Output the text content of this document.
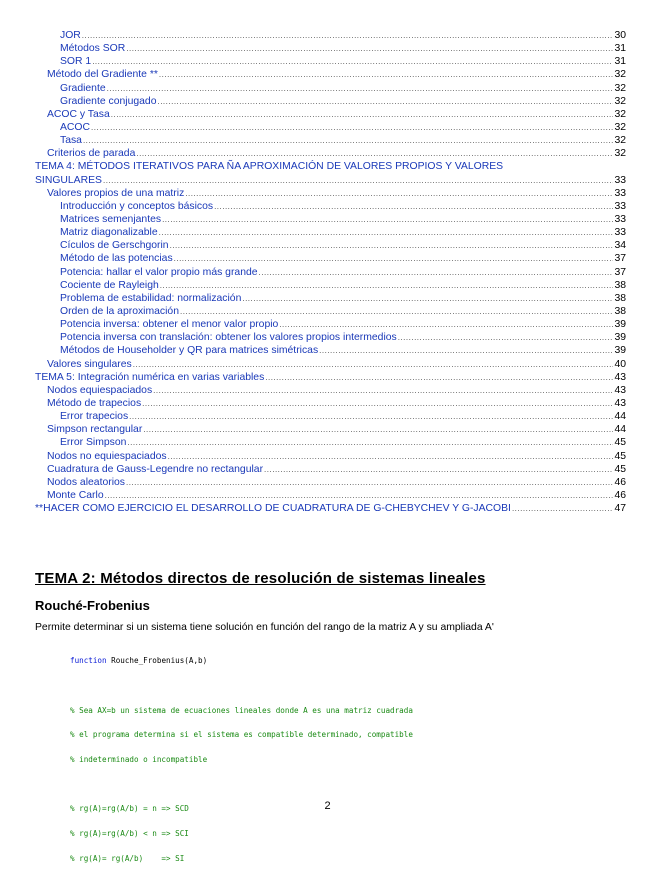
JOR .....	30
Métodos SOR .....	31
SOR 1 .....	31
Método del Gradiente ** .....	32
Gradiente .....	32
Gradiente conjugado .....	32
ACOC y Tasa .....	32
ACOC .....	32
Tasa .....	32
Criterios de parada .....	32
TEMA 4: MÉTODOS ITERATIVOS PARA ÑA APROXIMACIÓN DE VALORES PROPIOS Y VALORES
SINGULARES .....	33
Valores propios de una matriz .....	33
Introducción y conceptos básicos .....	33
Matrices semenjantes .....	33
Matriz diagonalizable .....	33
Cículos de Gerschgorin .....	34
Método de las potencias .....	37
Potencia: hallar el valor propio más grande .....	37
Cociente de Rayleigh .....	38
Problema de estabilidad: normalización .....	38
Orden de la aproximación .....	38
Potencia inversa: obtener el menor valor propio .....	39
Potencia inversa con translación: obtener los valores propios intermedios .....	39
Métodos de Householder y QR para matrices simétricas .....	39
Valores singulares .....	40
TEMA 5: Integración numérica en varias variables .....	43
Nodos equiespaciados .....	43
Método de trapecios .....	43
Error trapecios .....	44
Simpson rectangular .....	44
Error Simpson .....	45
Nodos no equiespaciados .....	45
Cuadratura de Gauss-Legendre no rectangular .....	45
Nodos aleatorios .....	46
Monte Carlo .....	46
**HACER COMO EJERCICIO EL DESARROLLO DE CUADRATURA DE G-CHEBYCHEV Y G-JACOBI .....	47
TEMA 2: Métodos directos de resolución de sistemas lineales
Rouché-Frobenius

Permite determinar si un sistema tiene solución en función del rango de la matriz A y su ampliada A'

function Rouche_Frobenius(A,b)

% Sea AX=b un sistema de ecuaciones lineales donde A es una matriz cuadrada

% el programa determina si el sistema es compatible determinado, compatible

% indeterminado o incompatible

% rg(A)=rg(A/b) = n => SCD

% rg(A)=rg(A/b) < n => SCI

% rg(A)= rg(A/b)    => SI

2
